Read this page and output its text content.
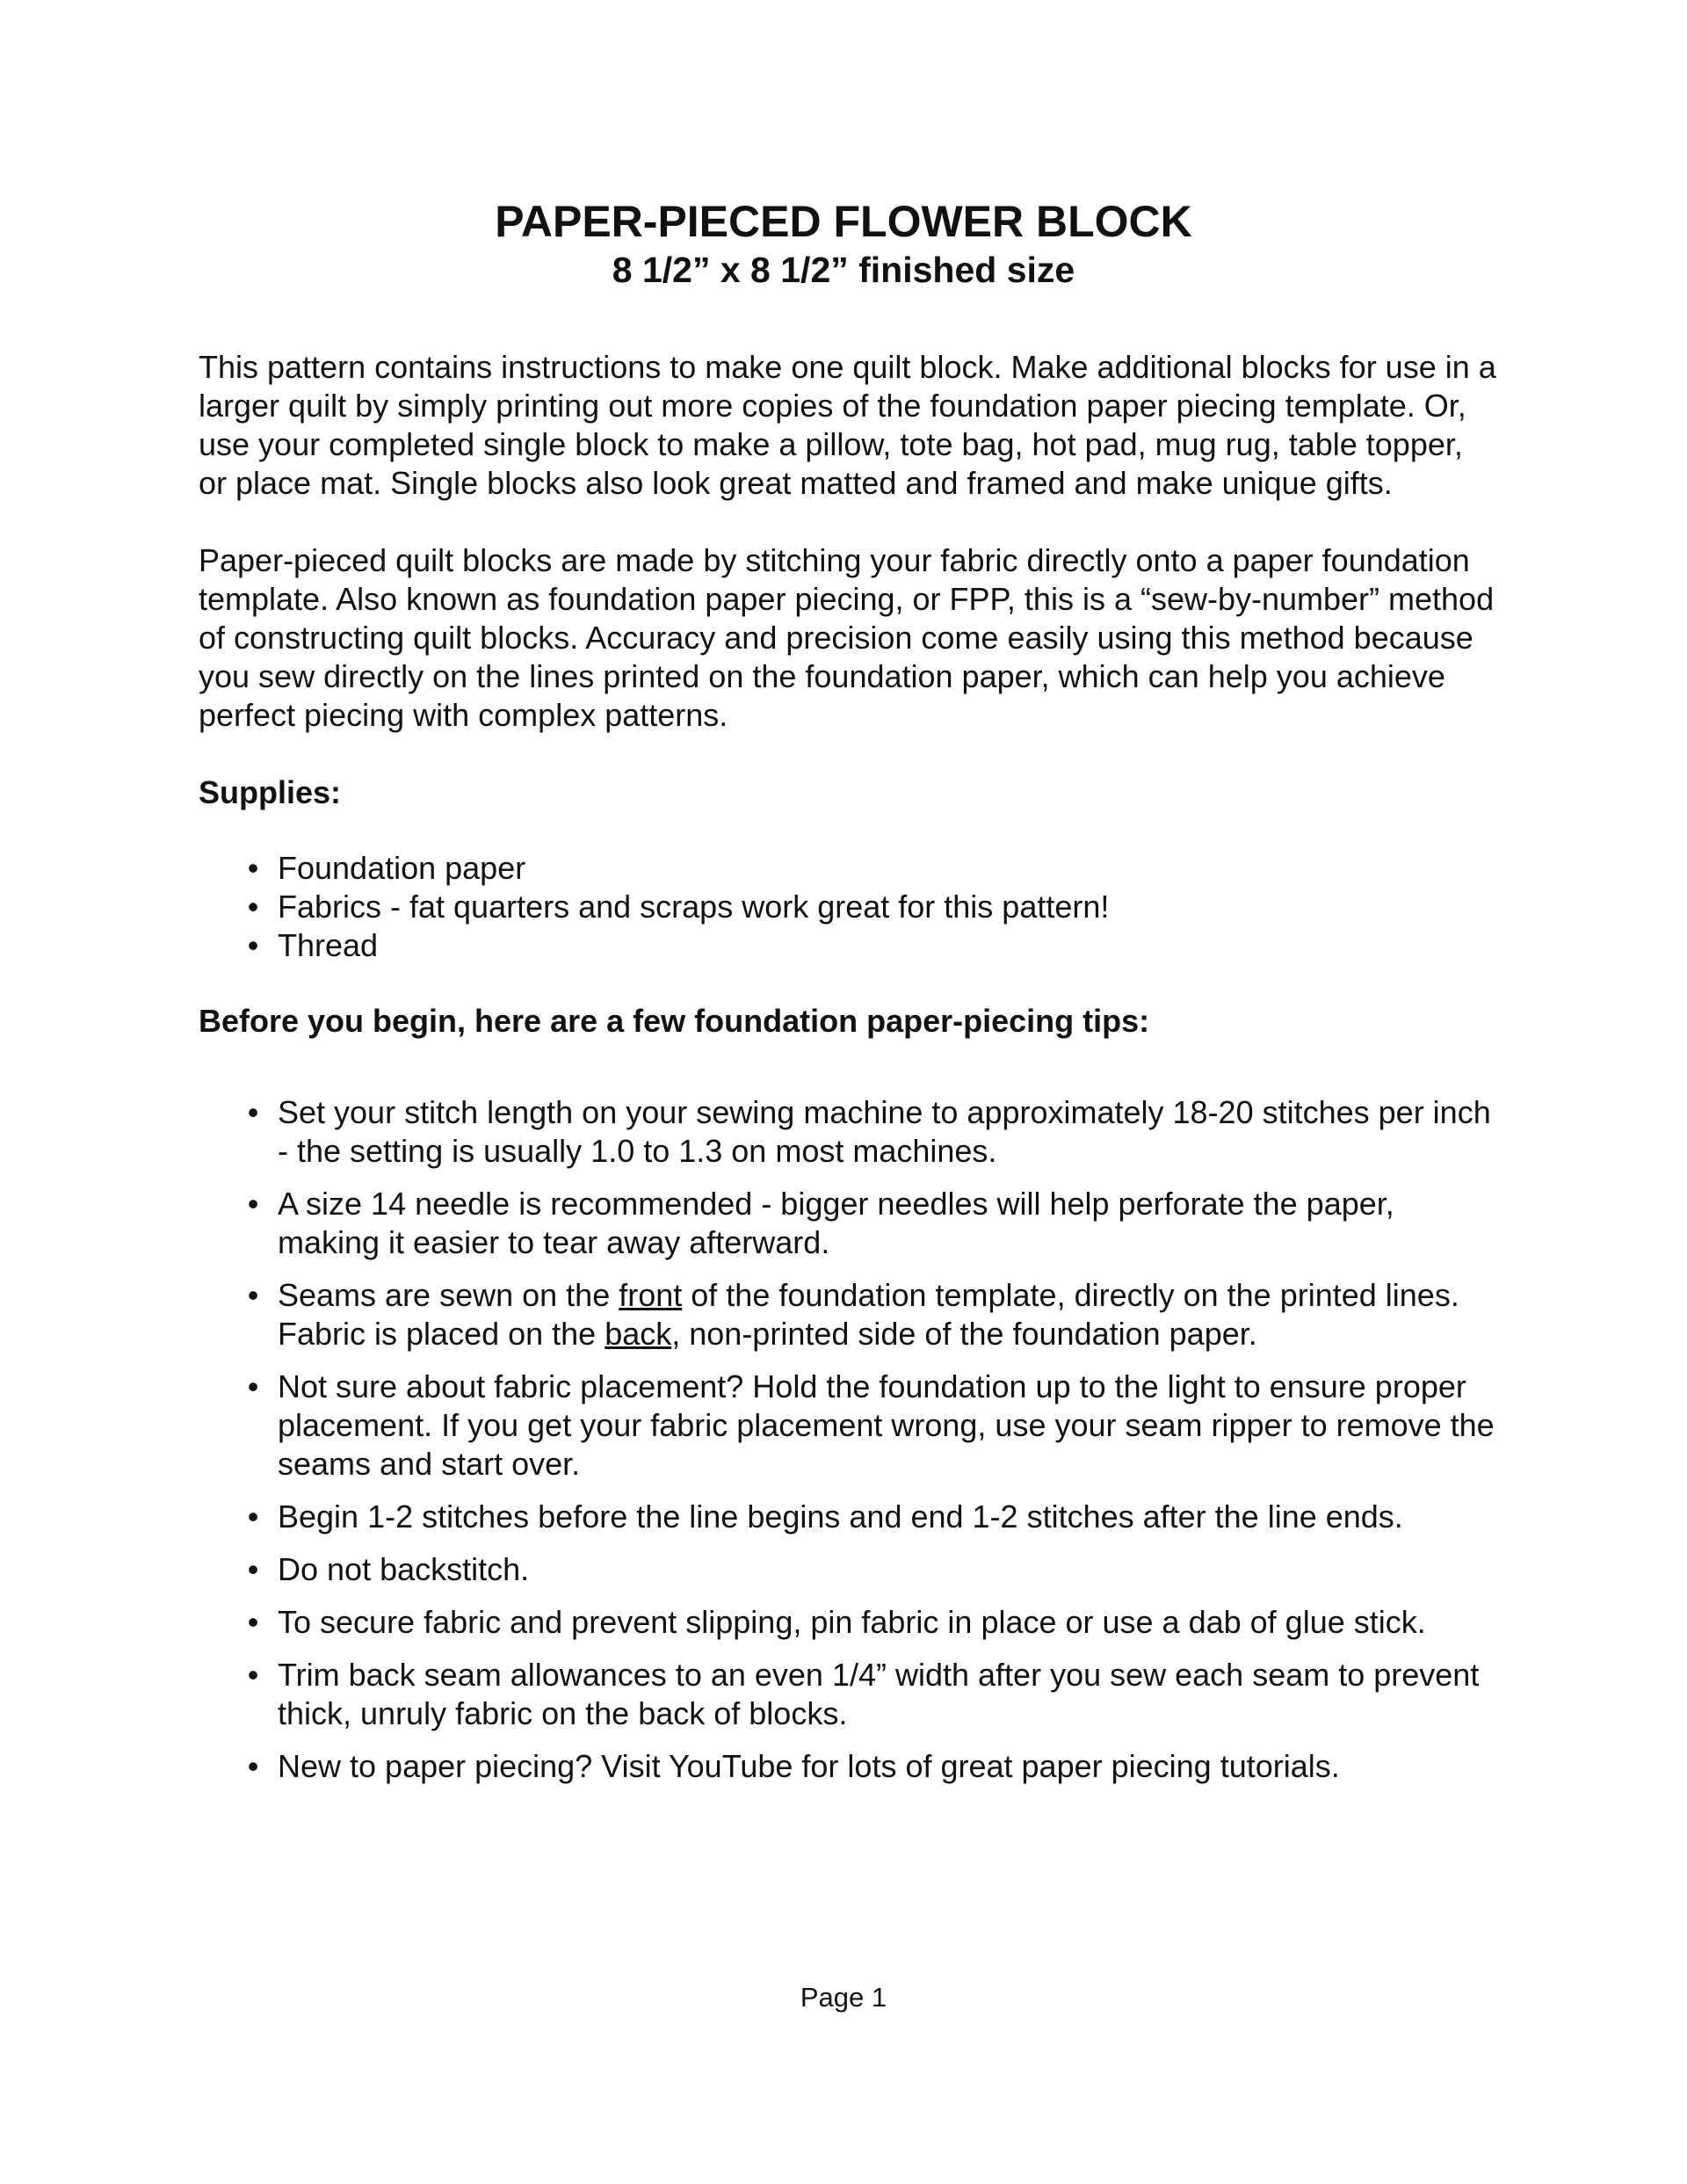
PAPER-PIECED FLOWER BLOCK
8 1/2” x 8 1/2” finished size

This pattern contains instructions to make one quilt block. Make additional blocks for use in a larger quilt by simply printing out more copies of the foundation paper piecing template. Or, use your completed single block to make a pillow, tote bag, hot pad, mug rug, table topper, or place mat. Single blocks also look great matted and framed and make unique gifts.

Paper-pieced quilt blocks are made by stitching your fabric directly onto a paper foundation template. Also known as foundation paper piecing, or FPP, this is a “sew-by-number” method of constructing quilt blocks. Accuracy and precision come easily using this method because you sew directly on the lines printed on the foundation paper, which can help you achieve perfect piecing with complex patterns.

Supplies:

• Foundation paper
• Fabrics - fat quarters and scraps work great for this pattern!
• Thread

Before you begin, here are a few foundation paper-piecing tips:

• Set your stitch length on your sewing machine to approximately 18-20 stitches per inch - the setting is usually 1.0 to 1.3 on most machines.
• A size 14 needle is recommended - bigger needles will help perforate the paper, making it easier to tear away afterward.
• Seams are sewn on the front of the foundation template, directly on the printed lines. Fabric is placed on the back, non-printed side of the foundation paper.
• Not sure about fabric placement? Hold the foundation up to the light to ensure proper placement. If you get your fabric placement wrong, use your seam ripper to remove the seams and start over.
• Begin 1-2 stitches before the line begins and end 1-2 stitches after the line ends.
• Do not backstitch.
• To secure fabric and prevent slipping, pin fabric in place or use a dab of glue stick.
• Trim back seam allowances to an even 1/4” width after you sew each seam to prevent thick, unruly fabric on the back of blocks.
• New to paper piecing? Visit YouTube for lots of great paper piecing tutorials.
Page 1
